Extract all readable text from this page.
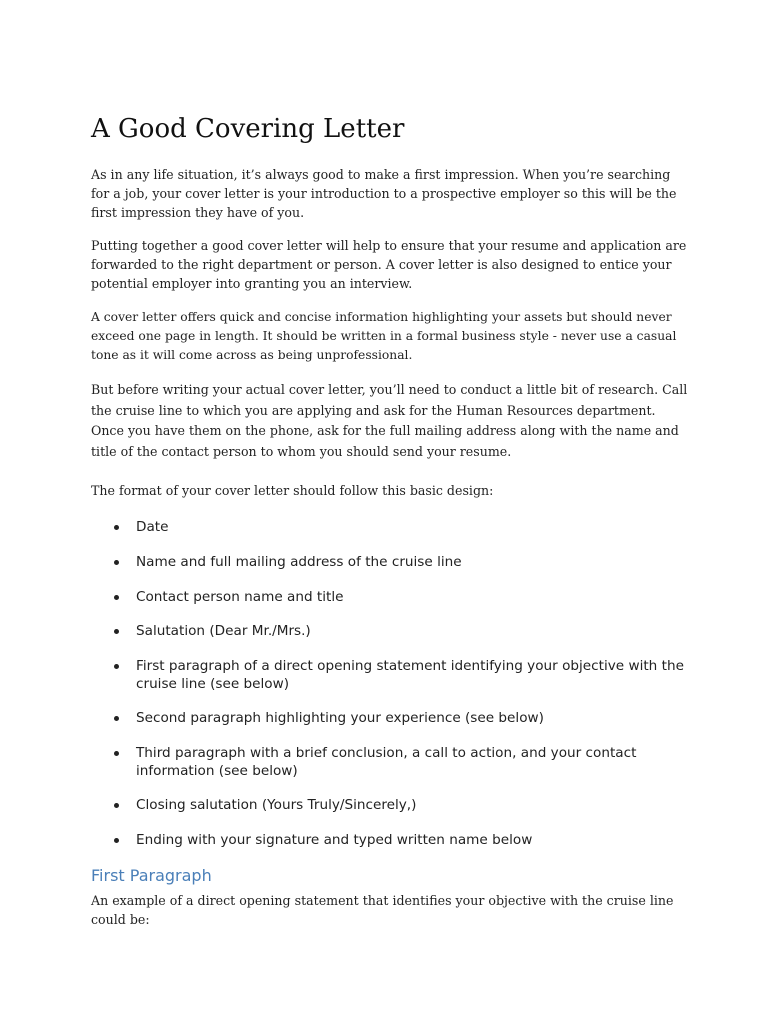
A Good Covering Letter

As in any life situation, it’s always good to make a first impression. When you’re searching for a job, your cover letter is your introduction to a prospective employer so this will be the first impression they have of you.

Putting together a good cover letter will help to ensure that your resume and application are forwarded to the right department or person. A cover letter is also designed to entice your potential employer into granting you an interview.

A cover letter offers quick and concise information highlighting your assets but should never exceed one page in length. It should be written in a formal business style - never use a casual tone as it will come across as being unprofessional.

But before writing your actual cover letter, you’ll need to conduct a little bit of research. Call the cruise line to which you are applying and ask for the Human Resources department. Once you have them on the phone, ask for the full mailing address along with the name and title of the contact person to whom you should send your resume.

The format of your cover letter should follow this basic design:

Date
Name and full mailing address of the cruise line
Contact person name and title
Salutation (Dear Mr./Mrs.)
First paragraph of a direct opening statement identifying your objective with the cruise line (see below)
Second paragraph highlighting your experience (see below)
Third paragraph with a brief conclusion, a call to action, and your contact information (see below)
Closing salutation (Yours Truly/Sincerely,)
Ending with your signature and typed written name below
First Paragraph

An example of a direct opening statement that identifies your objective with the cruise line could be:
